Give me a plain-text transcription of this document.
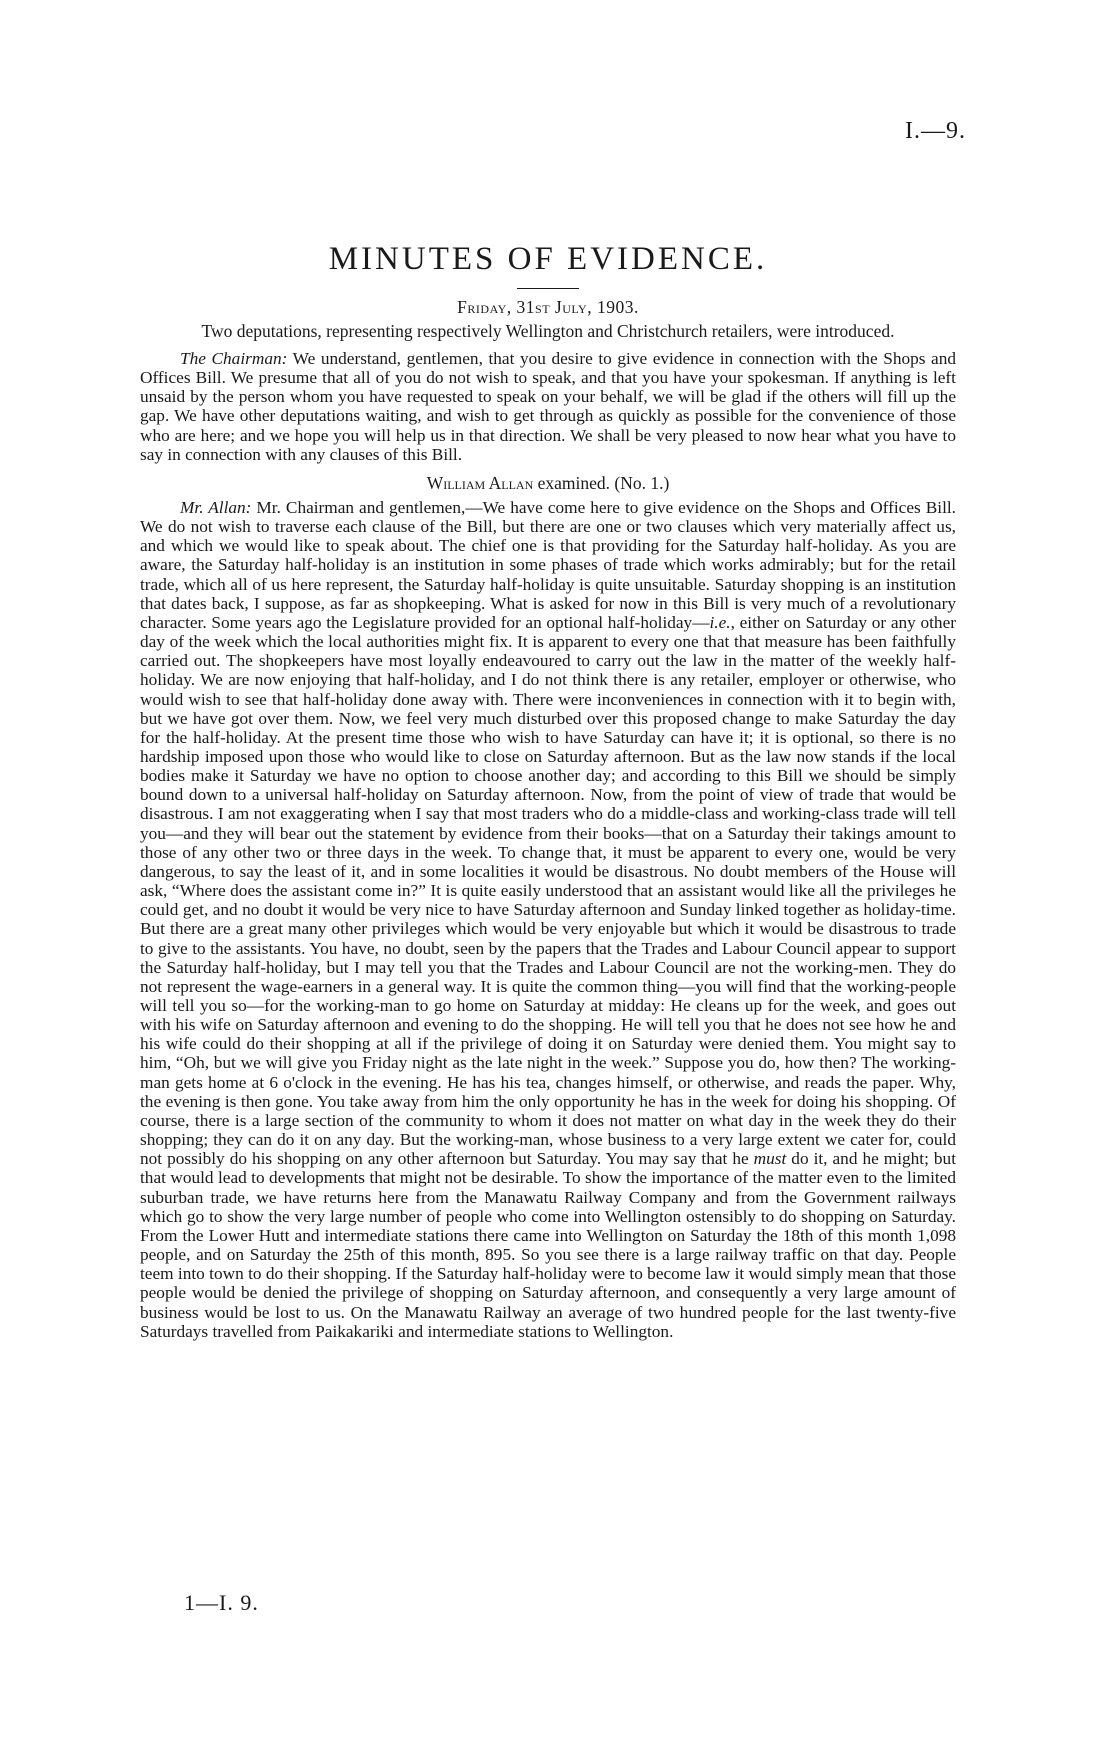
I.—9.
MINUTES OF EVIDENCE.
Friday, 31st July, 1903.
Two deputations, representing respectively Wellington and Christchurch retailers, were introduced.

The Chairman: We understand, gentlemen, that you desire to give evidence in connection with the Shops and Offices Bill. We presume that all of you do not wish to speak, and that you have your spokesman. If anything is left unsaid by the person whom you have requested to speak on your behalf, we will be glad if the others will fill up the gap. We have other deputations waiting, and wish to get through as quickly as possible for the convenience of those who are here; and we hope you will help us in that direction. We shall be very pleased to now hear what you have to say in connection with any clauses of this Bill.

William Allan examined. (No. 1.)

Mr. Allan: Mr. Chairman and gentlemen,—We have come here to give evidence on the Shops and Offices Bill. We do not wish to traverse each clause of the Bill, but there are one or two clauses which very materially affect us, and which we would like to speak about. The chief one is that providing for the Saturday half-holiday. As you are aware, the Saturday half-holiday is an institution in some phases of trade which works admirably; but for the retail trade, which all of us here represent, the Saturday half-holiday is quite unsuitable. Saturday shopping is an institution that dates back, I suppose, as far as shopkeeping. What is asked for now in this Bill is very much of a revolutionary character. Some years ago the Legislature provided for an optional half-holiday—i.e., either on Saturday or any other day of the week which the local authorities might fix. It is apparent to every one that that measure has been faithfully carried out. The shopkeepers have most loyally endeavoured to carry out the law in the matter of the weekly half-holiday. We are now enjoying that half-holiday, and I do not think there is any retailer, employer or otherwise, who would wish to see that half-holiday done away with. There were inconveniences in connection with it to begin with, but we have got over them. Now, we feel very much disturbed over this proposed change to make Saturday the day for the half-holiday. At the present time those who wish to have Saturday can have it; it is optional, so there is no hardship imposed upon those who would like to close on Saturday afternoon. But as the law now stands if the local bodies make it Saturday we have no option to choose another day; and according to this Bill we should be simply bound down to a universal half-holiday on Saturday afternoon. Now, from the point of view of trade that would be disastrous. I am not exaggerating when I say that most traders who do a middle-class and working-class trade will tell you—and they will bear out the statement by evidence from their books—that on a Saturday their takings amount to those of any other two or three days in the week. To change that, it must be apparent to every one, would be very dangerous, to say the least of it, and in some localities it would be disastrous. No doubt members of the House will ask, “Where does the assistant come in?” It is quite easily understood that an assistant would like all the privileges he could get, and no doubt it would be very nice to have Saturday afternoon and Sunday linked together as holiday-time. But there are a great many other privileges which would be very enjoyable but which it would be disastrous to trade to give to the assistants. You have, no doubt, seen by the papers that the Trades and Labour Council appear to support the Saturday half-holiday, but I may tell you that the Trades and Labour Council are not the working-men. They do not represent the wage-earners in a general way. It is quite the common thing—you will find that the working-people will tell you so—for the working-man to go home on Saturday at midday: He cleans up for the week, and goes out with his wife on Saturday afternoon and evening to do the shopping. He will tell you that he does not see how he and his wife could do their shopping at all if the privilege of doing it on Saturday were denied them. You might say to him, “Oh, but we will give you Friday night as the late night in the week.” Suppose you do, how then? The working-man gets home at 6 o'clock in the evening. He has his tea, changes himself, or otherwise, and reads the paper. Why, the evening is then gone. You take away from him the only opportunity he has in the week for doing his shopping. Of course, there is a large section of the community to whom it does not matter on what day in the week they do their shopping; they can do it on any day. But the working-man, whose business to a very large extent we cater for, could not possibly do his shopping on any other afternoon but Saturday. You may say that he must do it, and he might; but that would lead to developments that might not be desirable. To show the importance of the matter even to the limited suburban trade, we have returns here from the Manawatu Railway Company and from the Government railways which go to show the very large number of people who come into Wellington ostensibly to do shopping on Saturday. From the Lower Hutt and intermediate stations there came into Wellington on Saturday the 18th of this month 1,098 people, and on Saturday the 25th of this month, 895. So you see there is a large railway traffic on that day. People teem into town to do their shopping. If the Saturday half-holiday were to become law it would simply mean that those people would be denied the privilege of shopping on Saturday afternoon, and consequently a very large amount of business would be lost to us. On the Manawatu Railway an average of two hundred people for the last twenty-five Saturdays travelled from Paikakariki and intermediate stations to Wellington.

1—I. 9.
